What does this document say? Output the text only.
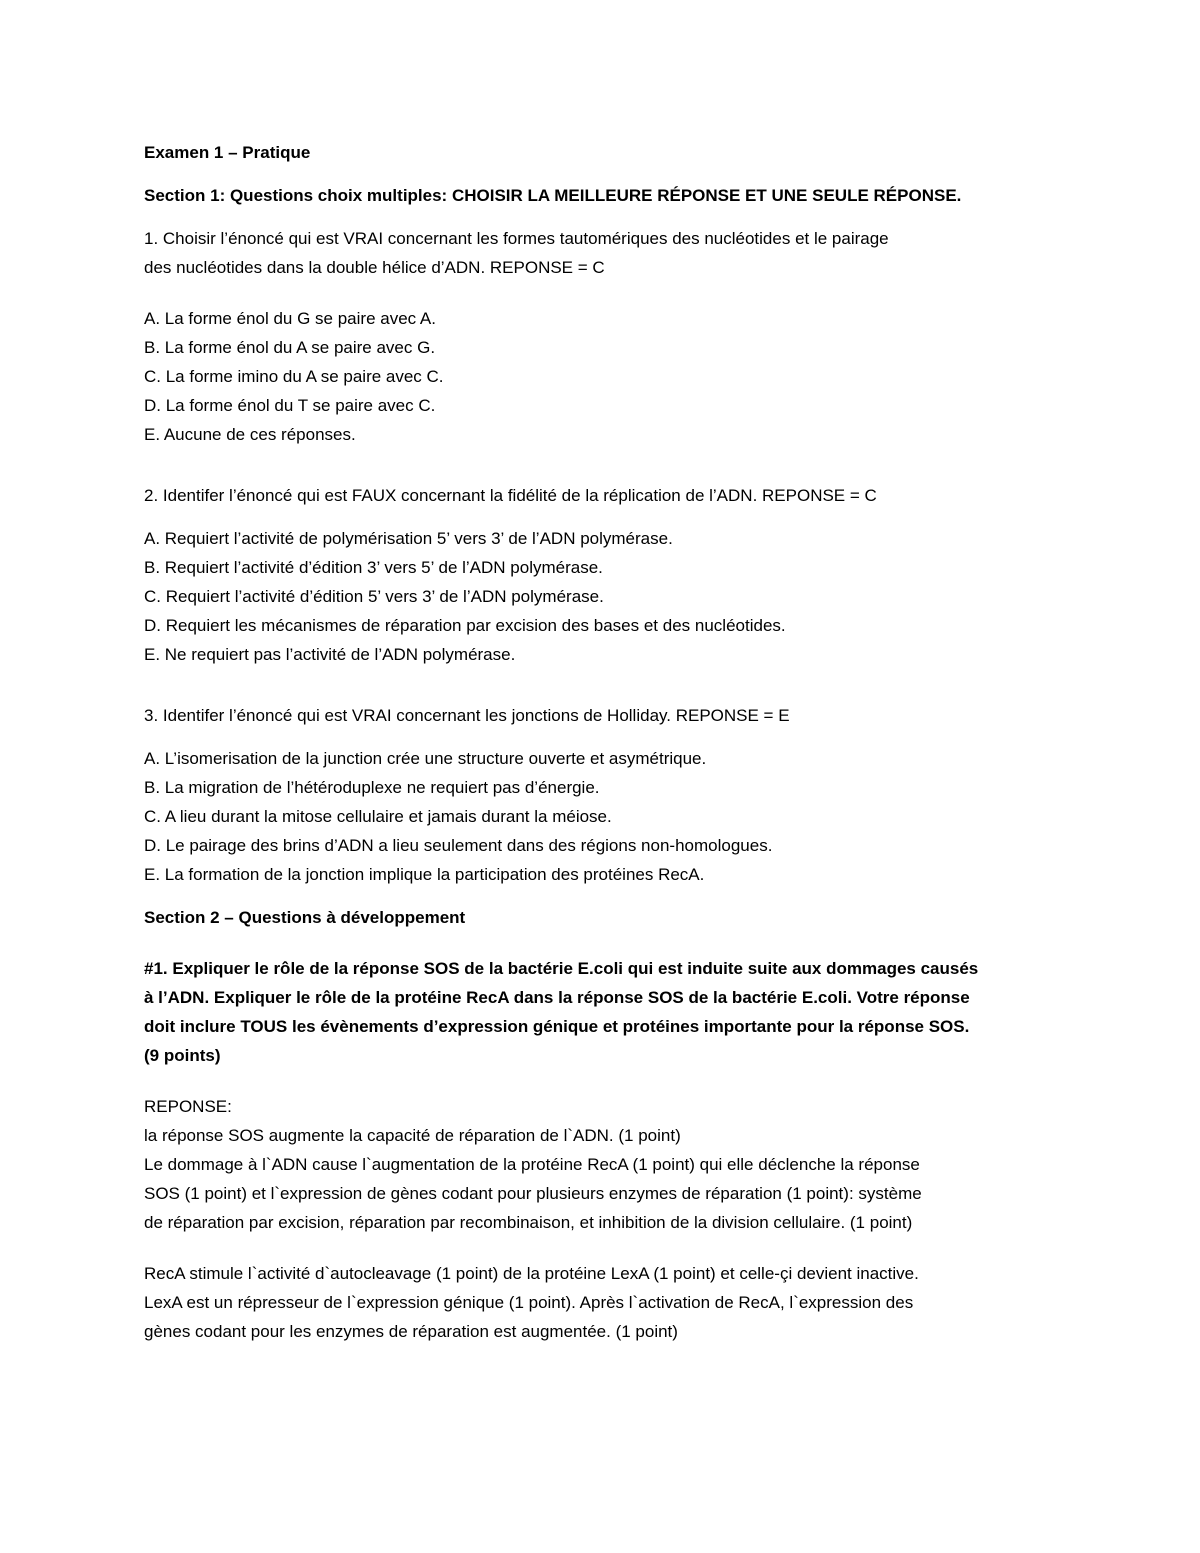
Examen 1 – Pratique
Section 1: Questions choix multiples: CHOISIR LA MEILLEURE RÉPONSE ET UNE SEULE RÉPONSE.
1. Choisir l’énoncé qui est VRAI concernant les formes tautomériques des nucléotides et le pairage
des nucléotides dans la double hélice d’ADN. REPONSE = C
A. La forme énol du G se paire avec A.
B. La forme énol du A se paire avec G.
C. La forme imino du A se paire avec C.
D. La forme énol du T se paire avec C.
E. Aucune de ces réponses.
2. Identifer l’énoncé qui est FAUX concernant la fidélité de la réplication de l’ADN. REPONSE = C
A. Requiert l’activité de polymérisation 5’ vers 3’ de l’ADN polymérase.
B. Requiert l’activité d’édition 3’ vers 5’ de l’ADN polymérase.
C. Requiert l’activité d’édition 5’ vers 3’ de l’ADN polymérase.
D. Requiert les mécanismes de réparation par excision des bases et des nucléotides.
E. Ne requiert pas l’activité de l’ADN polymérase.
3. Identifer l’énoncé qui est VRAI concernant les jonctions de Holliday. REPONSE = E
A. L’isomerisation de la junction crée une structure ouverte et asymétrique.
B. La migration de l’hétéroduplexe ne requiert pas d’énergie.
C. A lieu durant la mitose cellulaire et jamais durant la méiose.
D. Le pairage des brins d’ADN a lieu seulement dans des régions non-homologues.
E. La formation de la jonction implique la participation des protéines RecA.
Section 2 – Questions à développement
#1. Expliquer le rôle de la réponse SOS de la bactérie E.coli qui est induite suite aux dommages causés
à l’ADN. Expliquer le rôle de la protéine RecA dans la réponse SOS de la bactérie E.coli. Votre réponse
doit inclure TOUS les évènements d’expression génique et protéines importante pour la réponse SOS.
(9 points)
REPONSE:
la réponse SOS augmente la capacité de réparation de l`ADN. (1 point)
Le dommage à l`ADN cause l`augmentation de la protéine RecA (1 point) qui elle déclenche la réponse
SOS (1 point) et l`expression de gènes codant pour plusieurs enzymes de réparation (1 point): système
de réparation par excision, réparation par recombinaison, et inhibition de la division cellulaire. (1 point)
RecA stimule l`activité d`autocleavage (1 point) de la protéine LexA (1 point) et celle-çi devient inactive.
LexA est un répresseur de l`expression génique (1 point). Après l`activation de RecA, l`expression des
gènes codant pour les enzymes de réparation est augmentée. (1 point)
